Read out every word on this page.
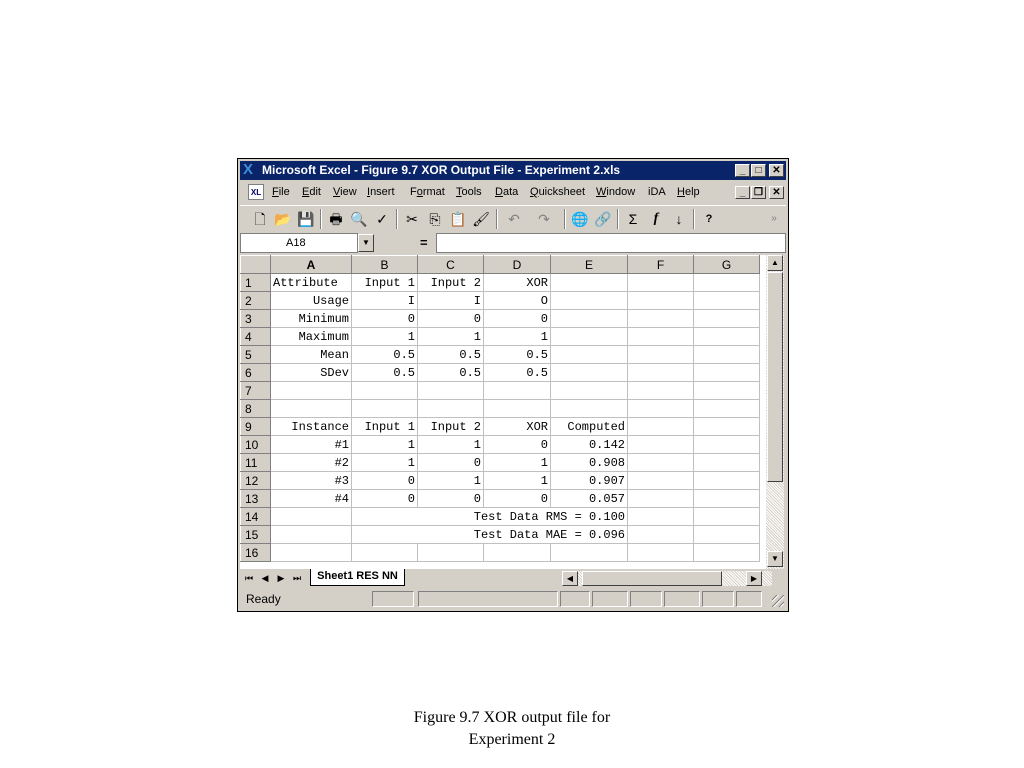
X Microsoft Excel - Figure 9.7 XOR Output File - Experiment 2.xls	_	□	✕
XL File Edit View Insert Format Tools Data Quicksheet Window iDA Help	_ ❐ ✕
🗋 📂 💾 🖶 🔍 ✓ ✂ ⎘ 📋 🖌 ↶ ↷ 🌐 🔗	Σ	f	↓	?	»
A18	▼	=
	A	B	C	D	E	F	G
1	Attribute	Input 1	Input 2	XOR			
2	Usage	I	I	O			
3	Minimum	0	0	0			
4	Maximum	1	1	1			
5	Mean	0.5	0.5	0.5			
6	SDev	0.5	0.5	0.5			
7							
8							
9	Instance	Input 1	Input 2	XOR	Computed		
10	#1	1	1	0	0.142		
11	#2	1	0	1	0.908		
12	#3	0	1	1	0.907		
13	#4	0	0	0	0.057		
14		Test Data RMS = 0.100					
15		Test Data MAE = 0.096					
16							
▲
▼
⏮ ◀	▶ ⏭	Sheet1 RES NN	◀	▶
Ready
Figure 9.7 XOR output file for
Experiment 2
